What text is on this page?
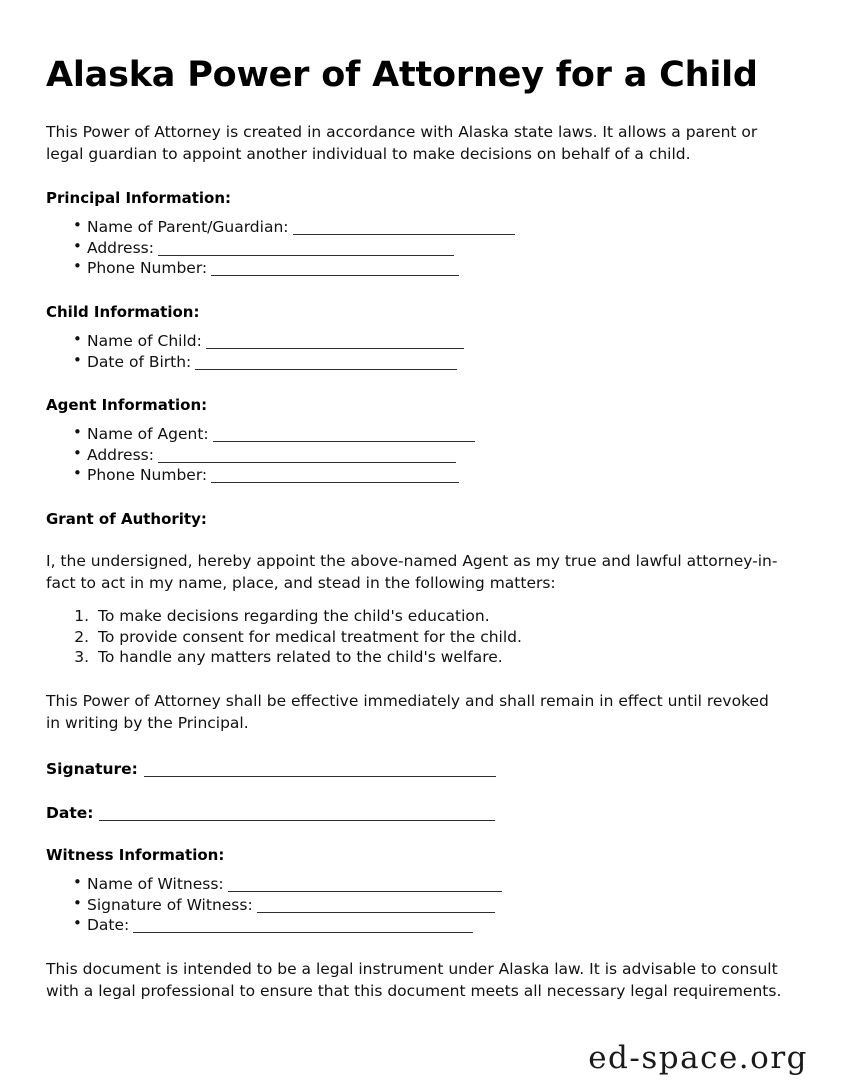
Alaska Power of Attorney for a Child

This Power of Attorney is created in accordance with Alaska state laws. It allows a parent or legal guardian to appoint another individual to make decisions on behalf of a child.

Principal Information:
• Name of Parent/Guardian:
• Address:
• Phone Number:
Child Information:
• Name of Child:
• Date of Birth:
Agent Information:
• Name of Agent:
• Address:
• Phone Number:
Grant of Authority:

I, the undersigned, hereby appoint the above-named Agent as my true and lawful attorney-in-fact to act in my name, place, and stead in the following matters:

1. To make decisions regarding the child's education.
2. To provide consent for medical treatment for the child.
3. To handle any matters related to the child's welfare.

This Power of Attorney shall be effective immediately and shall remain in effect until revoked in writing by the Principal.

Signature:
Date:
Witness Information:
• Name of Witness:
• Signature of Witness:
• Date:

This document is intended to be a legal instrument under Alaska law. It is advisable to consult with a legal professional to ensure that this document meets all necessary legal requirements.

ed-space.org
